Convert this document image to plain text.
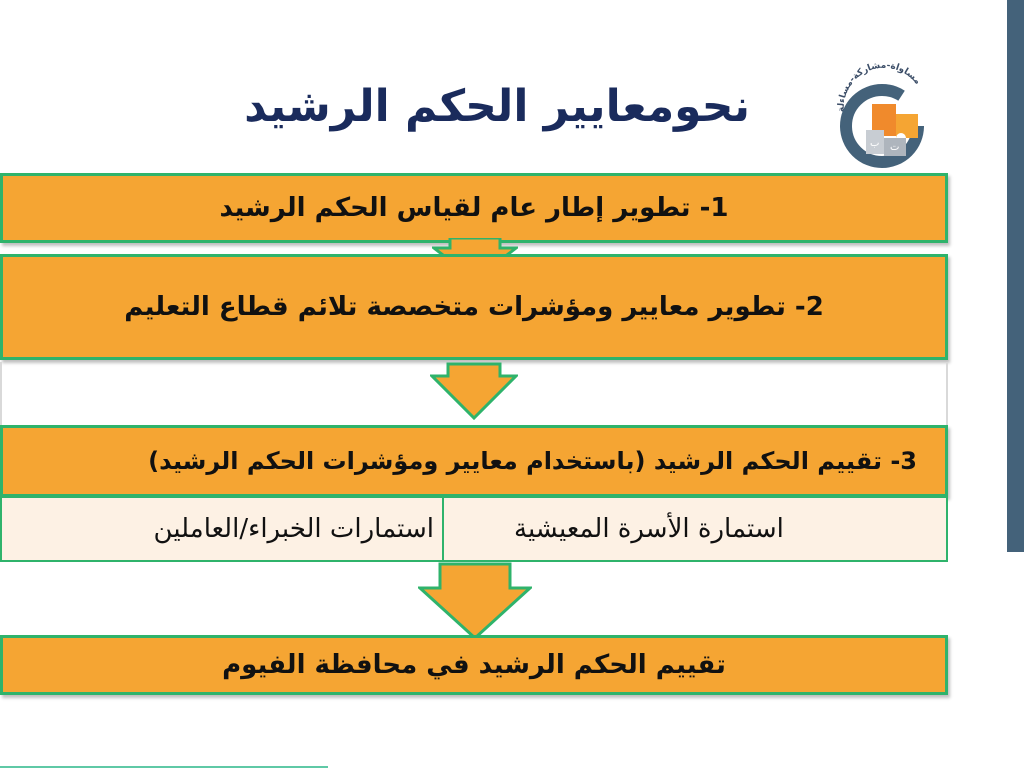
نحومعايير الحكم الرشيد	مساواة-مشاركة-مساءلة
ب ت
1- تطوير إطار عام لقياس الحكم الرشيد
2- تطوير معايير ومؤشرات متخصصة تلائم قطاع التعليم
3- تقييم الحكم الرشيد (باستخدام معايير ومؤشرات الحكم الرشيد)
استمارة الأسرة المعيشية
استمارات الخبراء/العاملين
تقييم الحكم الرشيد في محافظة الفيوم
